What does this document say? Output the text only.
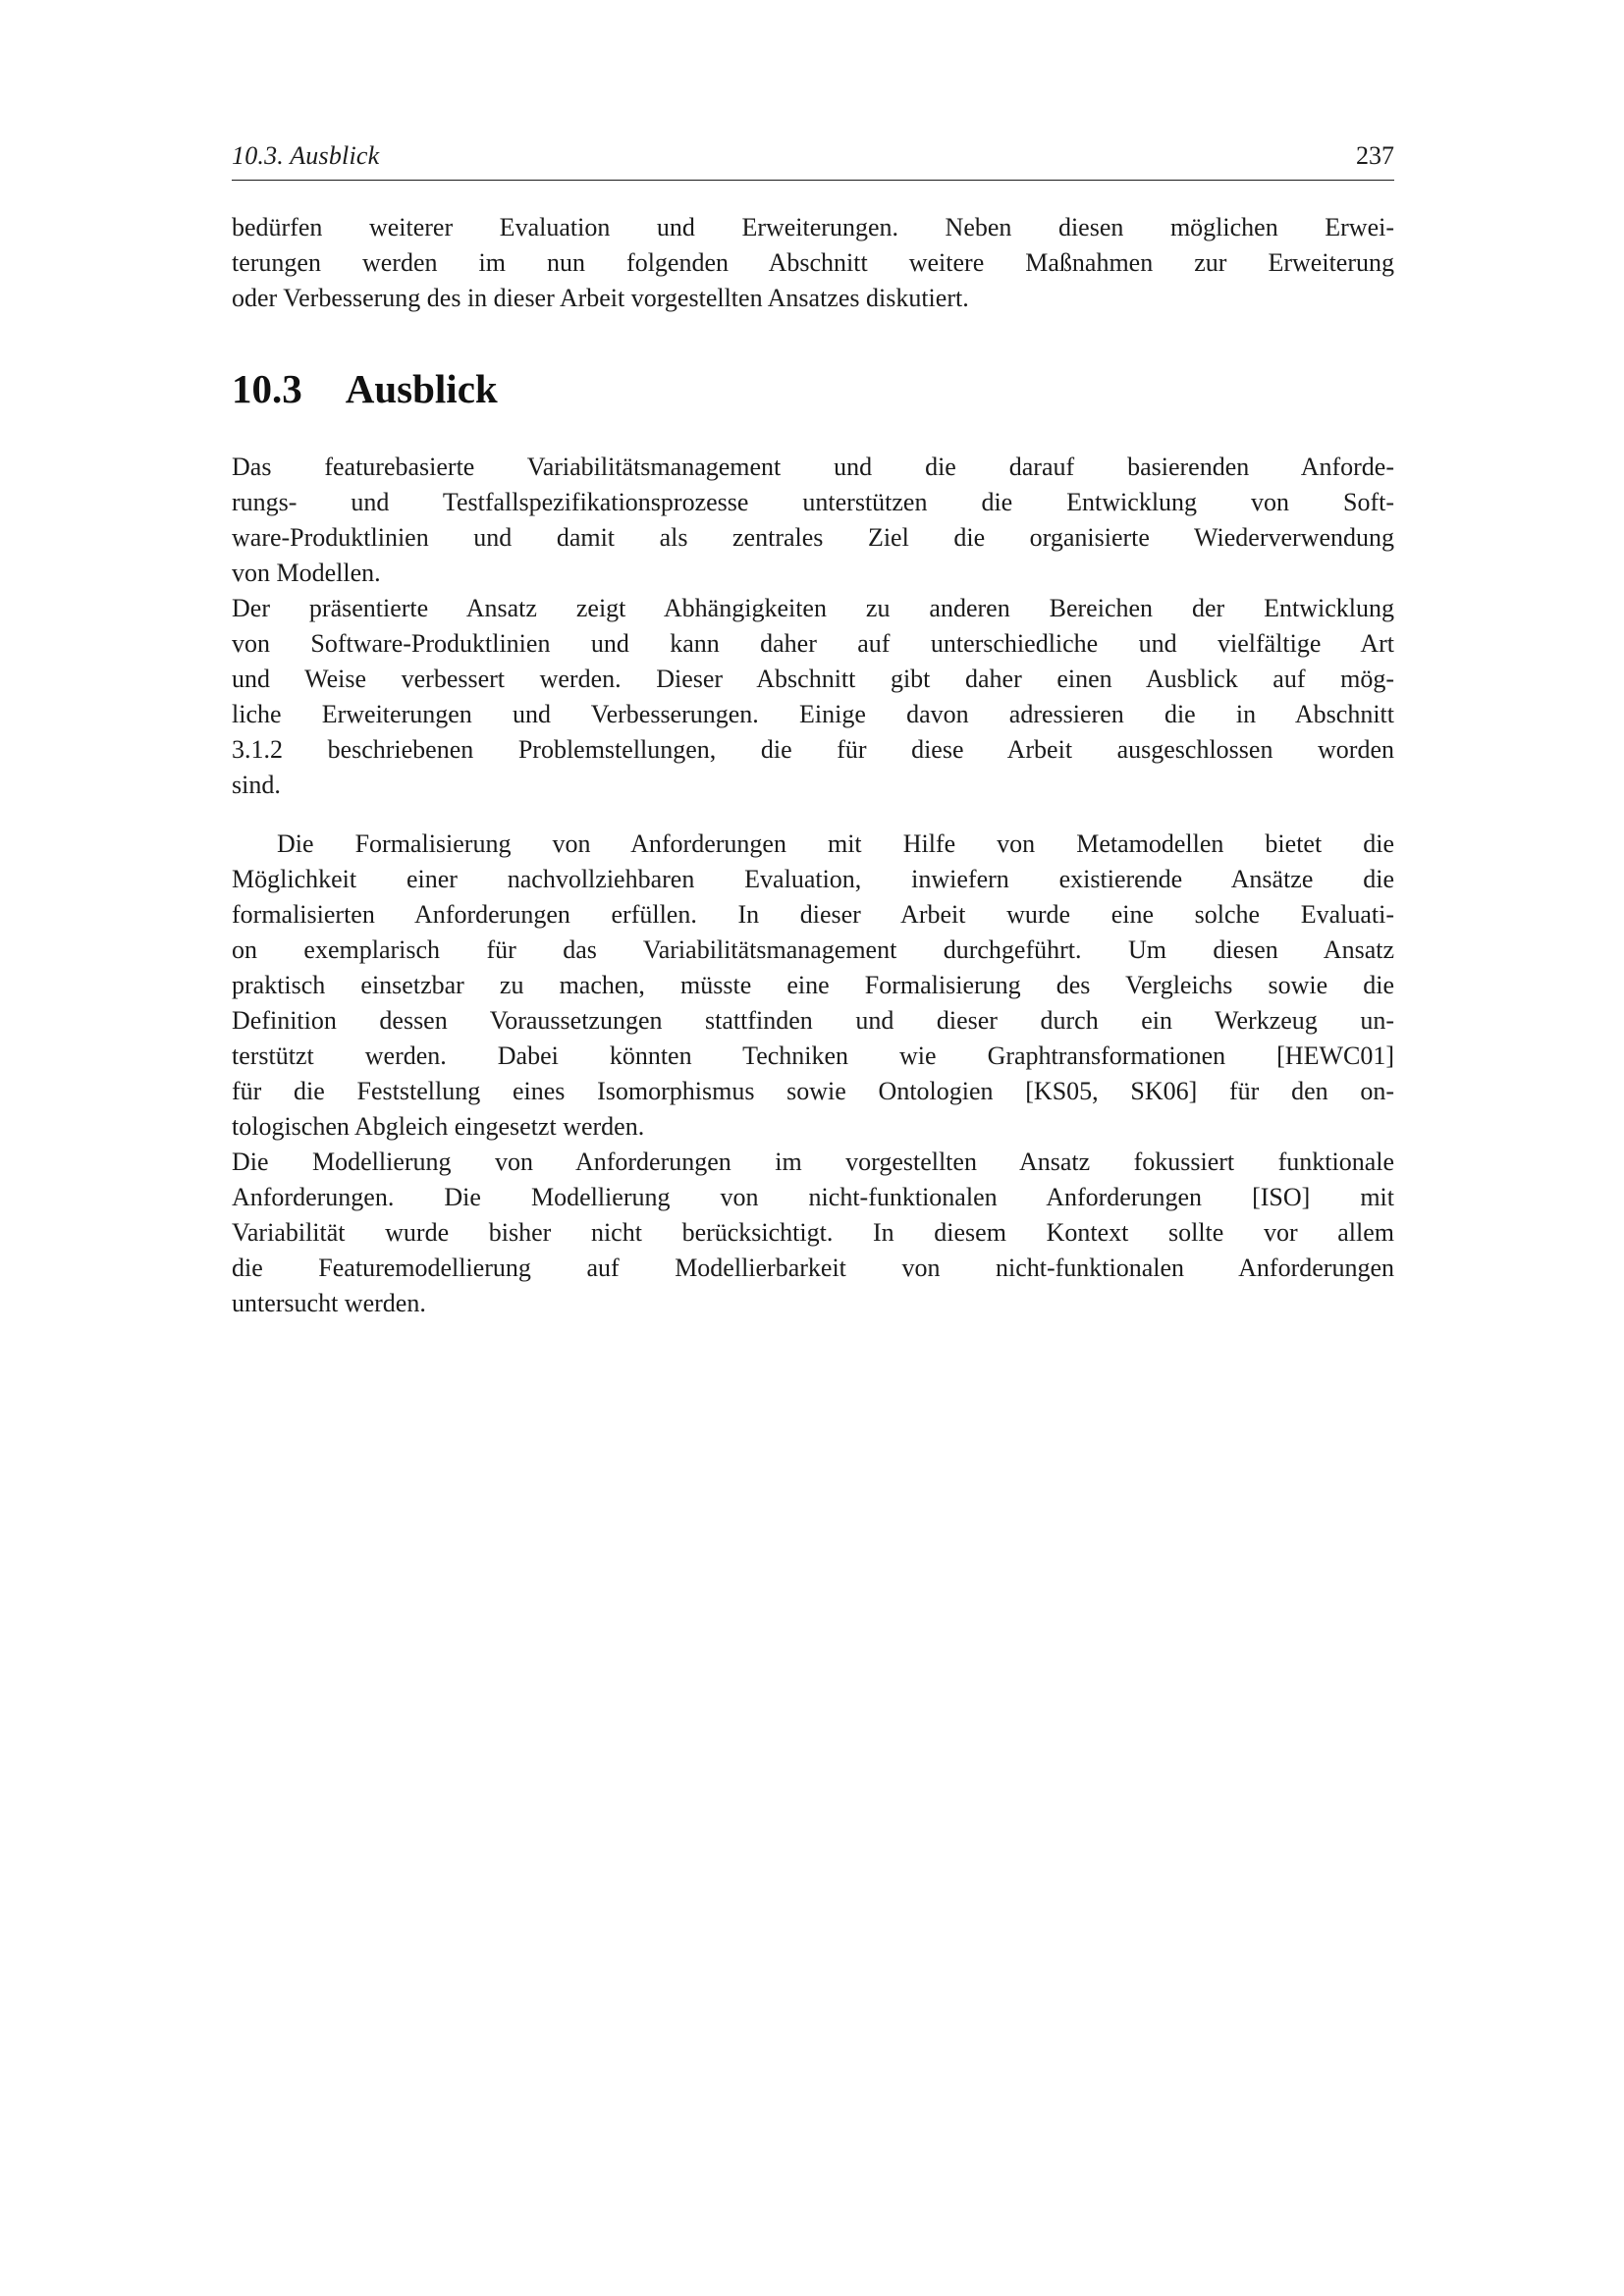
10.3. Ausblick	237
bedürfen weiterer Evaluation und Erweiterungen. Neben diesen möglichen Erwei-
terungen werden im nun folgenden Abschnitt weitere Maßnahmen zur Erweiterung
oder Verbesserung des in dieser Arbeit vorgestellten Ansatzes diskutiert.
10.3 Ausblick
Das featurebasierte Variabilitätsmanagement und die darauf basierenden Anforde-
rungs- und Testfallspezifikationsprozesse unterstützen die Entwicklung von Soft-
ware-Produktlinien und damit als zentrales Ziel die organisierte Wiederverwendung
von Modellen.
Der präsentierte Ansatz zeigt Abhängigkeiten zu anderen Bereichen der Entwicklung
von Software-Produktlinien und kann daher auf unterschiedliche und vielfältige Art
und Weise verbessert werden. Dieser Abschnitt gibt daher einen Ausblick auf mög-
liche Erweiterungen und Verbesserungen. Einige davon adressieren die in Abschnitt
3.1.2 beschriebenen Problemstellungen, die für diese Arbeit ausgeschlossen worden
sind.
Die Formalisierung von Anforderungen mit Hilfe von Metamodellen bietet die
Möglichkeit einer nachvollziehbaren Evaluation, inwiefern existierende Ansätze die
formalisierten Anforderungen erfüllen. In dieser Arbeit wurde eine solche Evaluati-
on exemplarisch für das Variabilitätsmanagement durchgeführt. Um diesen Ansatz
praktisch einsetzbar zu machen, müsste eine Formalisierung des Vergleichs sowie die
Definition dessen Voraussetzungen stattfinden und dieser durch ein Werkzeug un-
terstützt werden. Dabei könnten Techniken wie Graphtransformationen [HEWC01]
für die Feststellung eines Isomorphismus sowie Ontologien [KS05, SK06] für den on-
tologischen Abgleich eingesetzt werden.
Die Modellierung von Anforderungen im vorgestellten Ansatz fokussiert funktionale
Anforderungen. Die Modellierung von nicht-funktionalen Anforderungen [ISO] mit
Variabilität wurde bisher nicht berücksichtigt. In diesem Kontext sollte vor allem
die Featuremodellierung auf Modellierbarkeit von nicht-funktionalen Anforderungen
untersucht werden.
